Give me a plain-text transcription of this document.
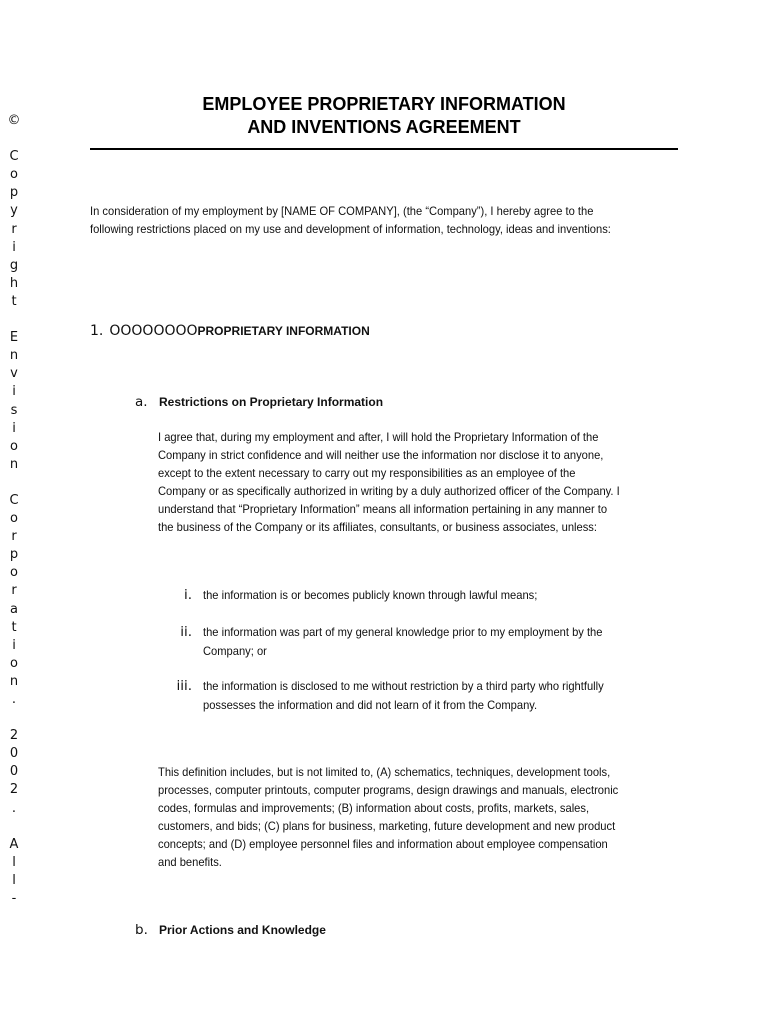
©
C
o
p
y
r
i
g
h
t
E
n
v
i
s
i
o
n
C
o
r
p
o
r
a
t
i
o
n
.
2
0
0
2
.
A
l
l
-
EMPLOYEE PROPRIETARY INFORMATION
AND INVENTIONS AGREEMENT

In consideration of my employment by [NAME OF COMPANY], (the “Company”), I hereby agree to the

following restrictions placed on my use and development of information, technology, ideas and inventions:

1. OOOOOOOOPROPRIETARY INFORMATION
a. Restrictions on Proprietary Information

I agree that, during my employment and after, I will hold the Proprietary Information of the

Company in strict confidence and will neither use the information nor disclose it to anyone,

except to the extent necessary to carry out my responsibilities as an employee of the

Company or as specifically authorized in writing by a duly authorized officer of the Company. I

understand that “Proprietary Information” means all information pertaining in any manner to

the business of the Company or its affiliates, consultants, or business associates, unless:

i. the information is or becomes publicly known through lawful means;
ii. the information was part of my general knowledge prior to my employment by the
Company; or
iii. the information is disclosed to me without restriction by a third party who rightfully
possesses the information and did not learn of it from the Company.

This definition includes, but is not limited to, (A) schematics, techniques, development tools,

processes, computer printouts, computer programs, design drawings and manuals, electronic

codes, formulas and improvements; (B) information about costs, profits, markets, sales,

customers, and bids; (C) plans for business, marketing, future development and new product

concepts; and (D) employee personnel files and information about employee compensation

and benefits.

b. Prior Actions and Knowledge
